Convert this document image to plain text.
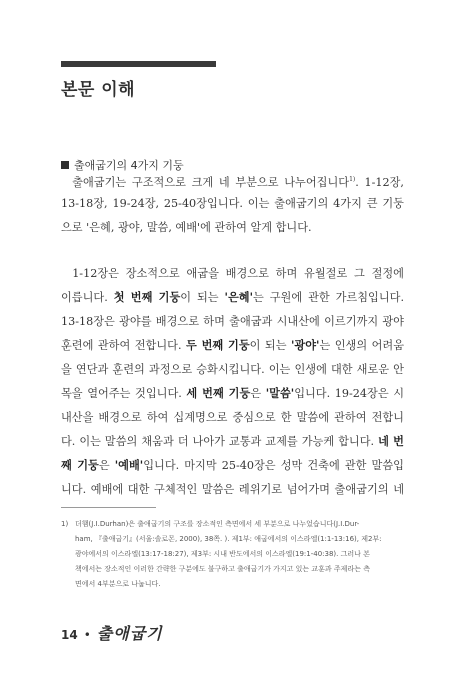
본문 이해
출애굽기의 4가지 기둥
 출애굽기는 구조적으로 크게 네 부분으로 나누어집니다$^{1)}$. 1-12장,
13-18장, 19-24장, 25-40장입니다. 이는 출애굽기의 4가지 큰 기둥
으로 '은혜, 광야, 말씀, 예배'에 관하여 알게 합니다.
 1-12장은 장소적으로 애굽을 배경으로 하며 유월절로 그 절정에
이릅니다. 첫 번째 기둥이 되는 '은혜'는 구원에 관한 가르침입니다.
13-18장은 광야를 배경으로 하며 출애굽과 시내산에 이르기까지 광야
훈련에 관하여 전합니다. 두 번째 기둥이 되는 '광야'는 인생의 어려움
을 연단과 훈련의 과정으로 승화시킵니다. 이는 인생에 대한 새로운 안
목을 열어주는 것입니다. 세 번째 기둥은 '말씀'입니다. 19-24장은 시
내산을 배경으로 하여 십계명으로 중심으로 한 말씀에 관하여 전합니
다. 이는 말씀의 채움과 더 나아가 교통과 교제를 가능케 합니다. 네 번
째 기둥은 '예배'입니다. 마지막 25-40장은 성막 건축에 관한 말씀입
니다. 예배에 대한 구체적인 말씀은 레위기로 넘어가며 출애굽기의 네
1) 더햄(J.I.Durhan)은 출애굽기의 구조를 장소적인 측면에서 세 부분으로 나누었습니다(J.I.Dur-
ham, 『출애굽기』(서울:솔로몬, 2000), 38쪽. ). 제1부: 애굽에서의 이스라엘(1:1-13:16), 제2부:
광야에서의 이스라엘(13:17-18:27), 제3부: 시내 반도에서의 이스라엘(19:1-40:38). 그러나 본
책에서는 장소적인 이러한 간략한 구분에도 불구하고 출애굽기가 가지고 있는 교훈과 주제라는 측
면에서 4부분으로 나눕니다.
14 • 출애굽기
